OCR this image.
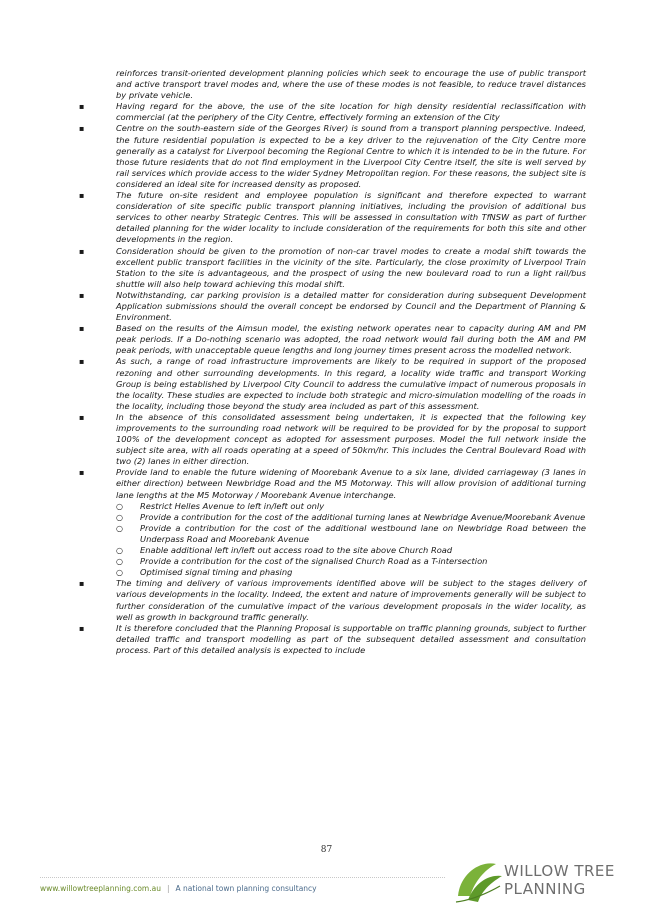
reinforces transit-oriented development planning policies which seek to encourage the use of public transport and active transport travel modes and, where the use of these modes is not feasible, to reduce travel distances by private vehicle.

▪	Having regard for the above, the use of the site location for high density residential reclassification with commercial (at the periphery of the City Centre, effectively forming an extension of the City

▪	Centre on the south-eastern side of the Georges River) is sound from a transport planning perspective. Indeed, the future residential population is expected to be a key driver to the rejuvenation of the City Centre more generally as a catalyst for Liverpool becoming the Regional Centre to which it is intended to be in the future. For those future residents that do not find employment in the Liverpool City Centre itself, the site is well served by rail services which provide access to the wider Sydney Metropolitan region. For these reasons, the subject site is considered an ideal site for increased density as proposed.

▪	The future on-site resident and employee population is significant and therefore expected to warrant consideration of site specific public transport planning initiatives, including the provision of additional bus services to other nearby Strategic Centres. This will be assessed in consultation with TfNSW as part of further detailed planning for the wider locality to include consideration of the requirements for both this site and other developments in the region.

▪	Consideration should be given to the promotion of non-car travel modes to create a modal shift towards the excellent public transport facilities in the vicinity of the site. Particularly, the close proximity of Liverpool Train Station to the site is advantageous, and the prospect of using the new boulevard road to run a light rail/bus shuttle will also help toward achieving this modal shift.

▪	Notwithstanding, car parking provision is a detailed matter for consideration during subsequent Development Application submissions should the overall concept be endorsed by Council and the Department of Planning & Environment.

▪	Based on the results of the Aimsun model, the existing network operates near to capacity during AM and PM peak periods. If a Do-nothing scenario was adopted, the road network would fail during both the AM and PM peak periods, with unacceptable queue lengths and long journey times present across the modelled network.

▪	As such, a range of road infrastructure improvements are likely to be required in support of the proposed rezoning and other surrounding developments. In this regard, a locality wide traffic and transport Working Group is being established by Liverpool City Council to address the cumulative impact of numerous proposals in the locality. These studies are expected to include both strategic and micro-simulation modelling of the roads in the locality, including those beyond the study area included as part of this assessment.

▪	In the absence of this consolidated assessment being undertaken, it is expected that the following key improvements to the surrounding road network will be required to be provided for by the proposal to support 100% of the development concept as adopted for assessment purposes. Model the full network inside the subject site area, with all roads operating at a speed of 50km/hr. This includes the Central Boulevard Road with two (2) lanes in either direction.

▪	Provide land to enable the future widening of Moorebank Avenue to a six lane, divided carriageway (3 lanes in either direction) between Newbridge Road and the M5 Motorway. This will allow provision of additional turning lane lengths at the M5 Motorway / Moorebank Avenue interchange.

○ Restrict Helles Avenue to left in/left out only

○ Provide a contribution for the cost of the additional turning lanes at Newbridge Avenue/Moorebank Avenue

○ Provide a contribution for the cost of the additional westbound lane on Newbridge Road between the Underpass Road and Moorebank Avenue

○ Enable additional left in/left out access road to the site above Church Road

○ Provide a contribution for the cost of the signalised Church Road as a T-intersection

○ Optimised signal timing and phasing

▪	The timing and delivery of various improvements identified above will be subject to the stages delivery of various developments in the locality. Indeed, the extent and nature of improvements generally will be subject to further consideration of the cumulative impact of the various development proposals in the wider locality, as well as growth in background traffic generally.

▪	It is therefore concluded that the Planning Proposal is supportable on traffic planning grounds, subject to further detailed traffic and transport modelling as part of the subsequent detailed assessment and consultation process. Part of this detailed analysis is expected to include

87
www.willowtreeplanning.com.au | A national town planning consultancy
WILLOW TREE
PLANNING
